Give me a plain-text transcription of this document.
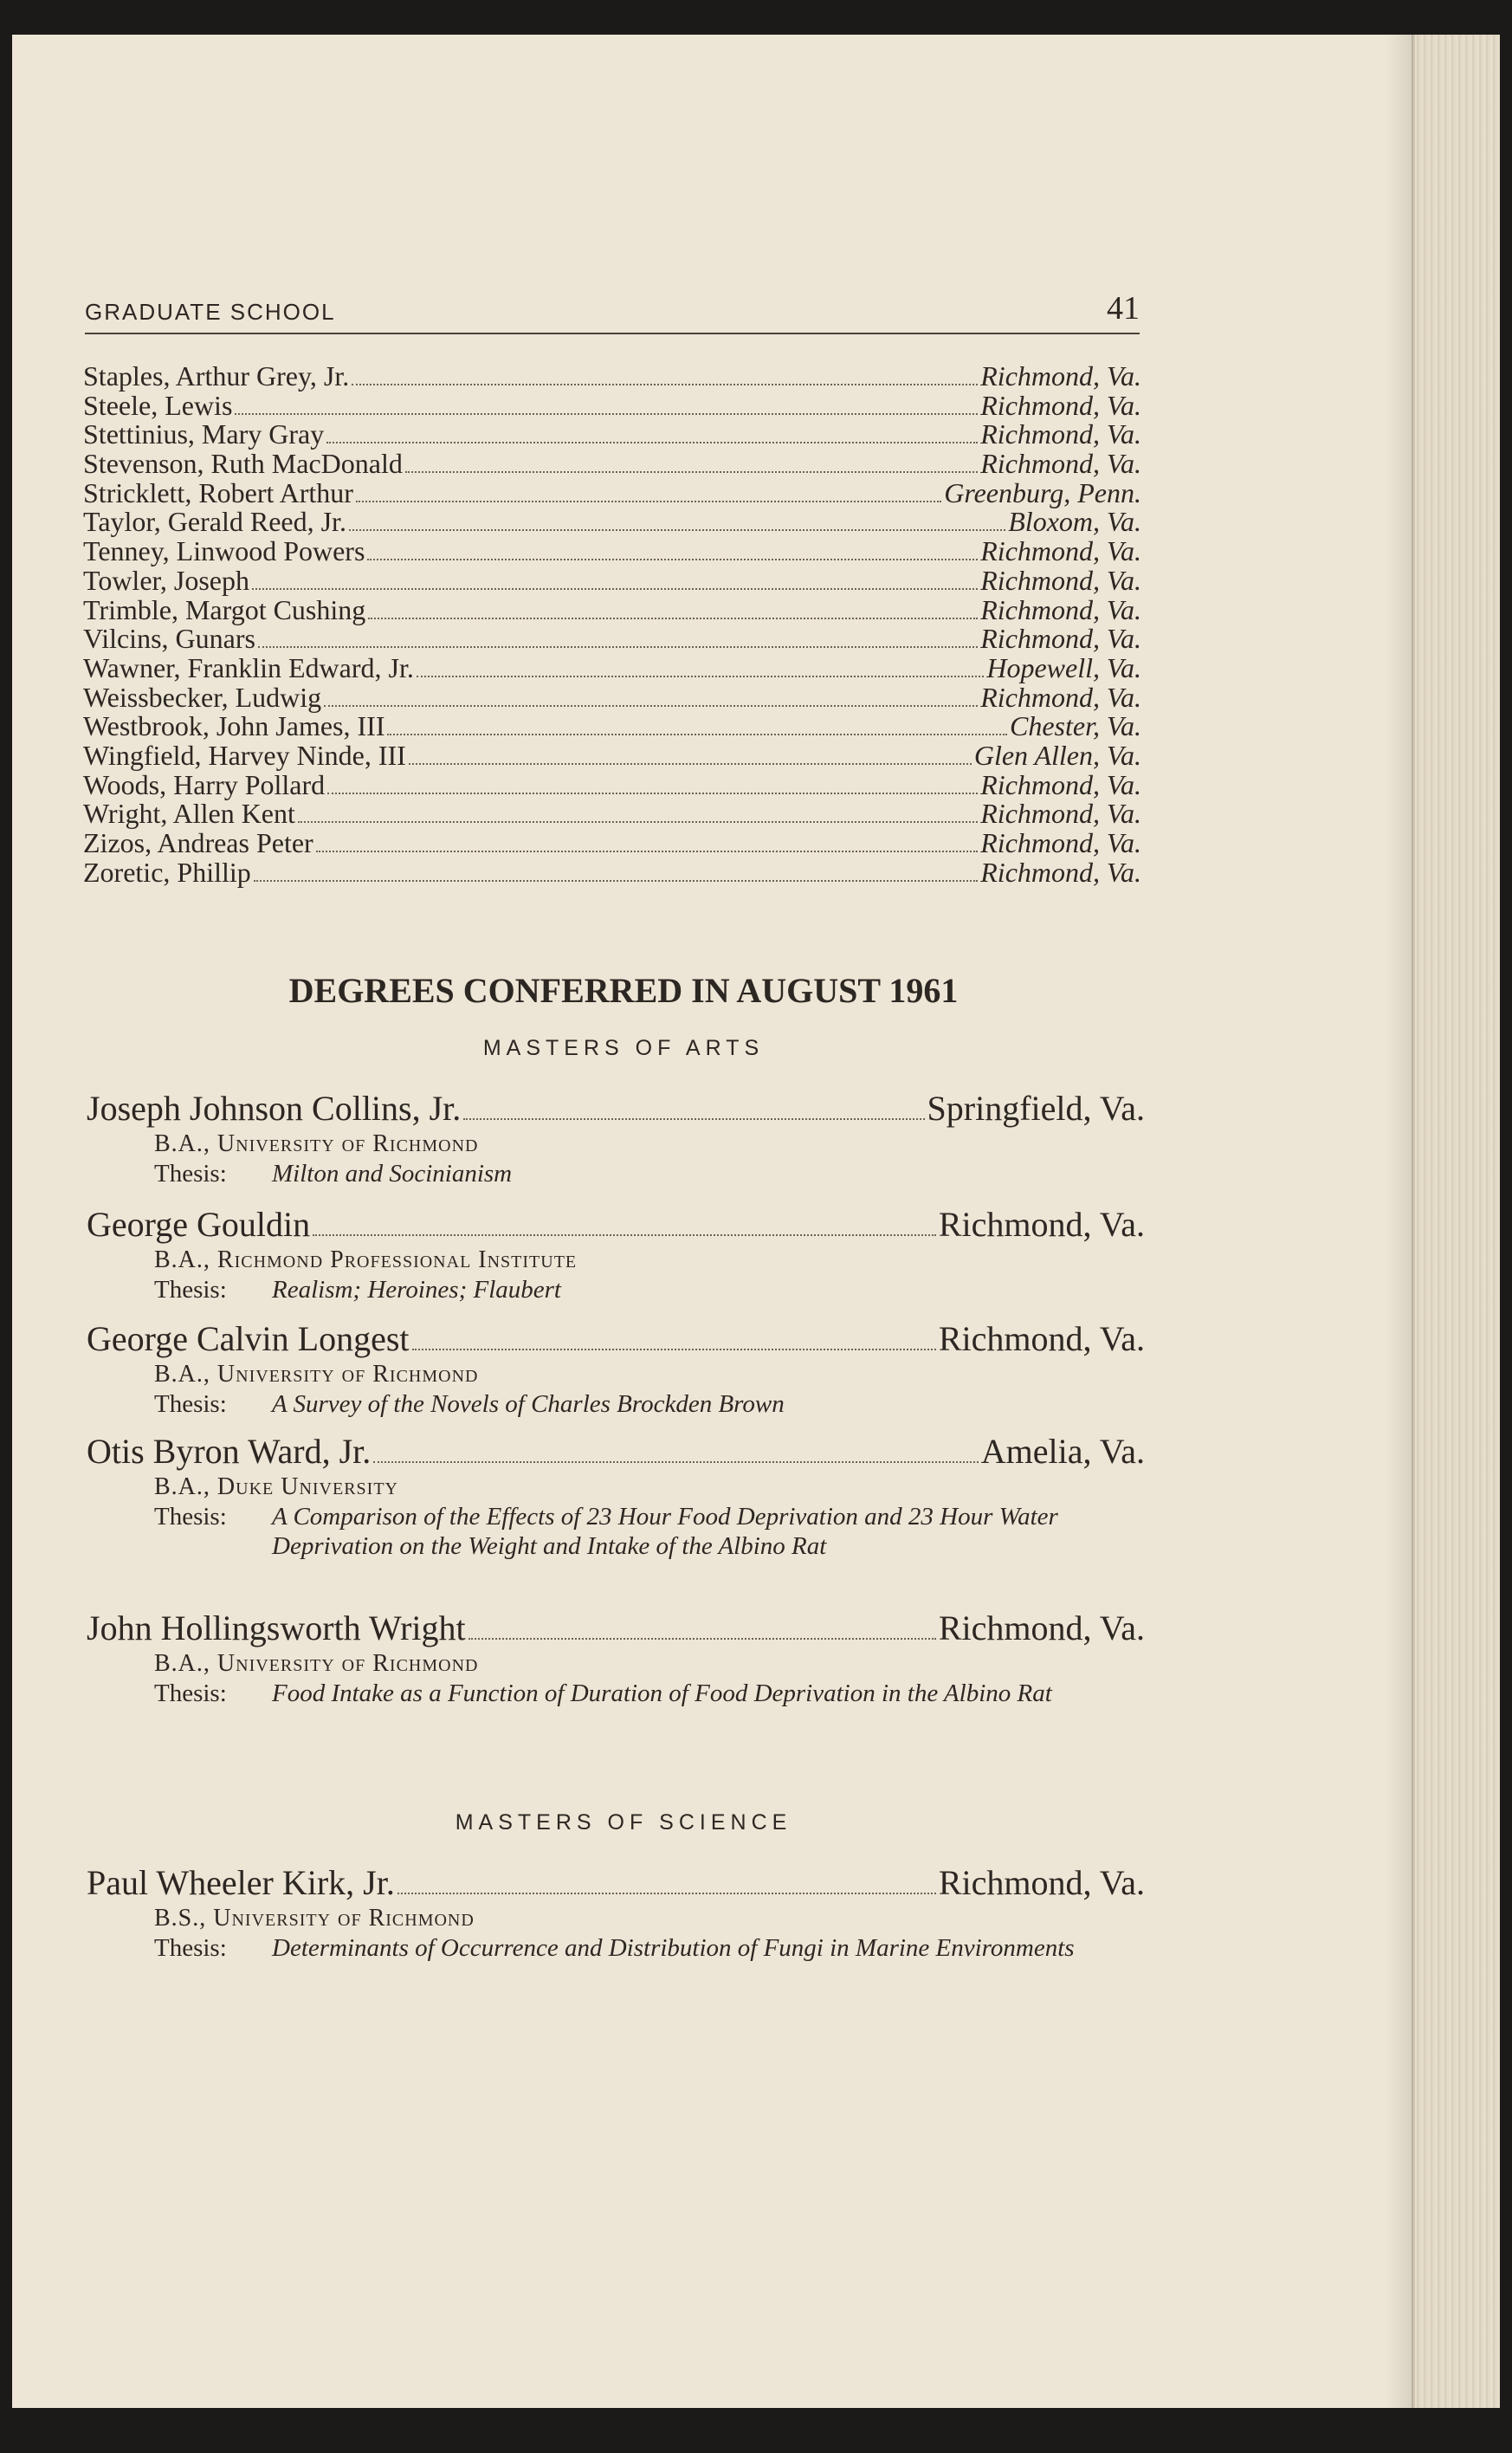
GRADUATE SCHOOL	41
Staples, Arthur Grey, Jr.	Richmond, Va.
Steele, Lewis	Richmond, Va.
Stettinius, Mary Gray	Richmond, Va.
Stevenson, Ruth MacDonald	Richmond, Va.
Stricklett, Robert Arthur	Greenburg, Penn.
Taylor, Gerald Reed, Jr.	Bloxom, Va.
Tenney, Linwood Powers	Richmond, Va.
Towler, Joseph	Richmond, Va.
Trimble, Margot Cushing	Richmond, Va.
Vilcins, Gunars	Richmond, Va.
Wawner, Franklin Edward, Jr.	Hopewell, Va.
Weissbecker, Ludwig	Richmond, Va.
Westbrook, John James, III	Chester, Va.
Wingfield, Harvey Ninde, III	Glen Allen, Va.
Woods, Harry Pollard	Richmond, Va.
Wright, Allen Kent	Richmond, Va.
Zizos, Andreas Peter	Richmond, Va.
Zoretic, Phillip	Richmond, Va.
DEGREES CONFERRED IN AUGUST 1961
MASTERS OF ARTS
Joseph Johnson Collins, Jr.	Springfield, Va.
B.A., University of Richmond
Thesis:	Milton and Socinianism
George Gouldin	Richmond, Va.
B.A., Richmond Professional Institute
Thesis:	Realism; Heroines; Flaubert
George Calvin Longest	Richmond, Va.
B.A., University of Richmond
Thesis:	A Survey of the Novels of Charles Brockden Brown
Otis Byron Ward, Jr.	Amelia, Va.
B.A., Duke University
Thesis:	A Comparison of the Effects of 23 Hour Food Deprivation and 23 Hour Water Deprivation on the Weight and Intake of the Albino Rat
John Hollingsworth Wright	Richmond, Va.
B.A., University of Richmond
Thesis:	Food Intake as a Function of Duration of Food Deprivation in the Albino Rat
MASTERS OF SCIENCE
Paul Wheeler Kirk, Jr.	Richmond, Va.
B.S., University of Richmond
Thesis:	Determinants of Occurrence and Distribution of Fungi in Marine Environments
